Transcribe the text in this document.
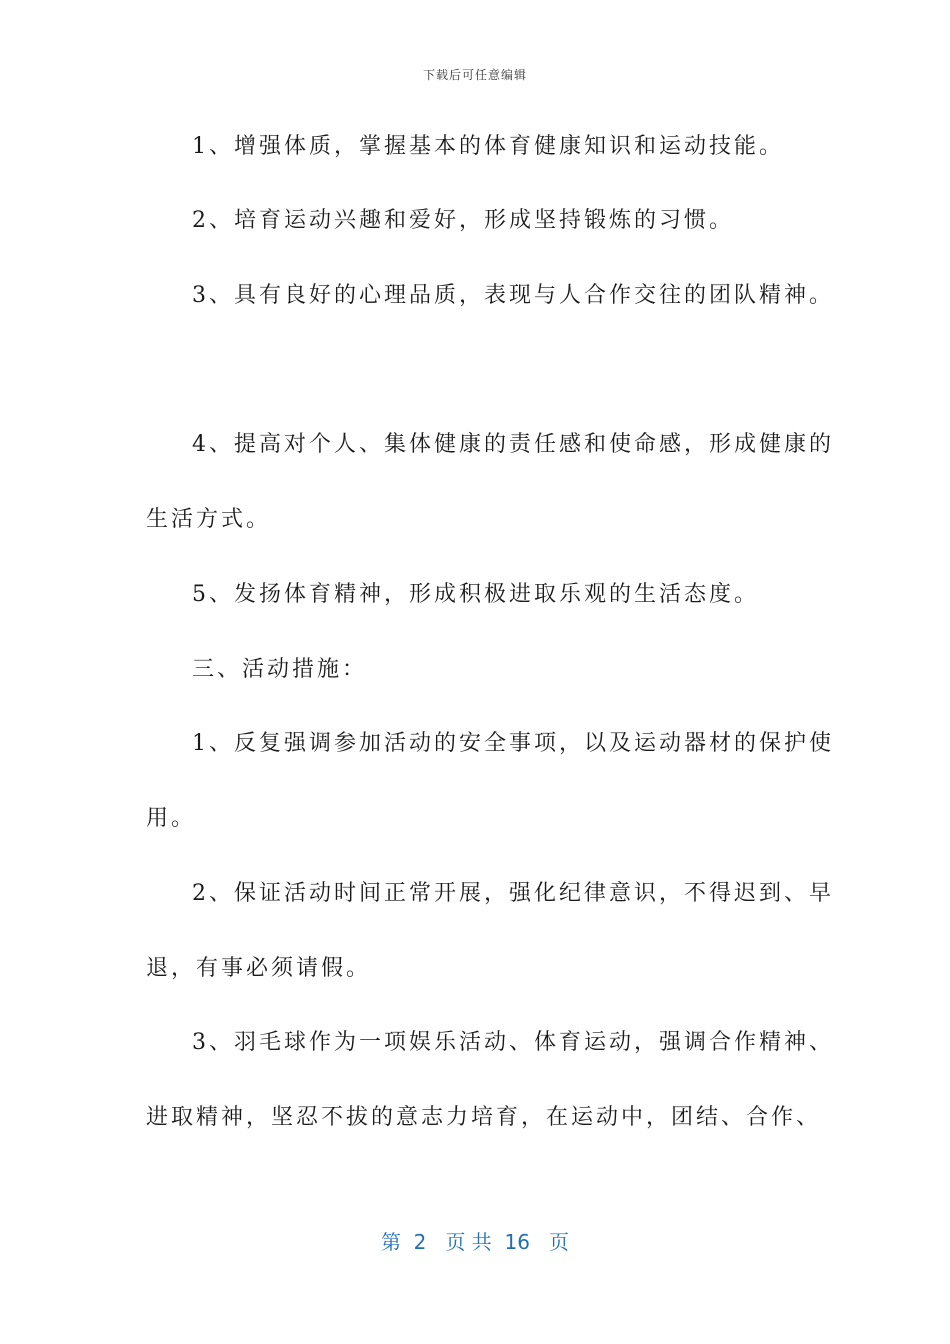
下载后可任意编辑
1、增强体质，掌握基本的体育健康知识和运动技能。
2、培育运动兴趣和爱好，形成坚持锻炼的习惯。
3、具有良好的心理品质，表现与人合作交往的团队精神。
4、提高对个人、集体健康的责任感和使命感，形成健康的
生活方式。
5、发扬体育精神，形成积极进取乐观的生活态度。
三、活动措施：
1、反复强调参加活动的安全事项，以及运动器材的保护使
用。
2、保证活动时间正常开展，强化纪律意识，不得迟到、早
退，有事必须请假。
3、羽毛球作为一项娱乐活动、体育运动，强调合作精神、
进取精神，坚忍不拔的意志力培育，在运动中，团结、合作、
第  2   页 共  16   页
